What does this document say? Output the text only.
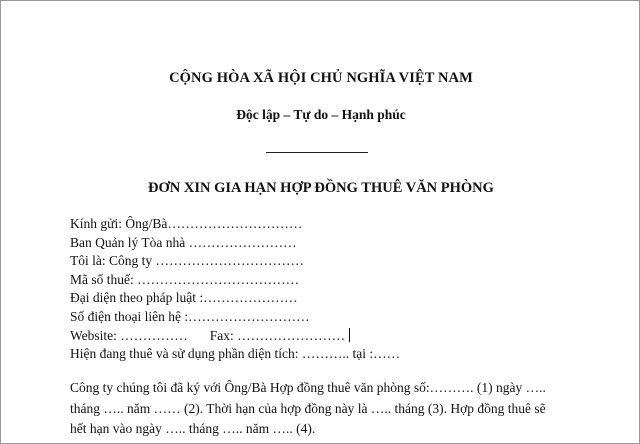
CỘNG HÒA XÃ HỘI CHỦ NGHĨA VIỆT NAM
Độc lập – Tự do – Hạnh phúc
ĐƠN XIN GIA HẠN HỢP ĐỒNG THUÊ VĂN PHÒNG
Kính gửi: Ông/Bà…………………………
Ban Quản lý Tòa nhà ……………………
Tôi là: Công ty ……………………………
Mã số thuế: ………………………………
Đại diện theo pháp luật :…………………
Số điện thoại liên hệ :………………………
Website: …………… Fax: ……………………
Hiện đang thuê và sử dụng phần diện tích: ……….. tại :……
Công ty chúng tôi đã ký với Ông/Bà Hợp đồng thuê văn phòng số:………. (1) ngày …..
tháng ….. năm …… (2). Thời hạn của hợp đồng này là ….. tháng (3). Hợp đồng thuê sẽ
hết hạn vào ngày ….. tháng ….. năm ….. (4).
